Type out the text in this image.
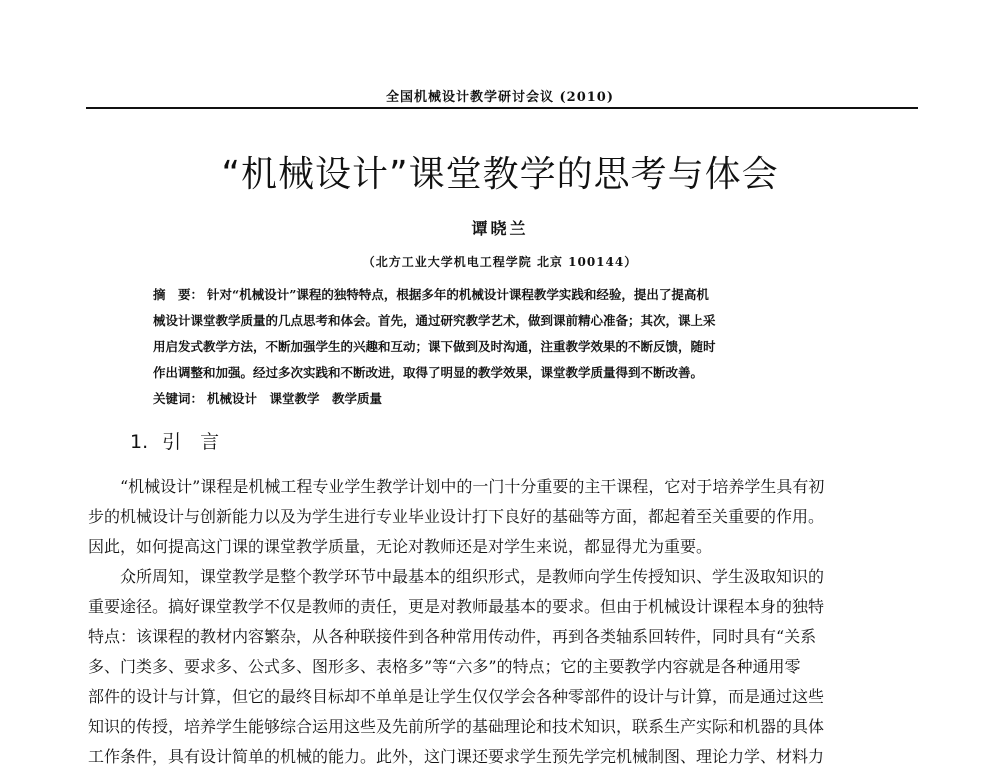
全国机械设计教学研讨会议 (2010)
“机械设计”课堂教学的思考与体会
谭晓兰
（北方工业大学机电工程学院 北京 100144）
摘　要： 针对“机械设计”课程的独特特点，根据多年的机械设计课程教学实践和经验，提出了提高机
械设计课堂教学质量的几点思考和体会。首先，通过研究教学艺术，做到课前精心准备；其次，课上采
用启发式教学方法，不断加强学生的兴趣和互动；课下做到及时沟通，注重教学效果的不断反馈，随时
作出调整和加强。经过多次实践和不断改进，取得了明显的教学效果，课堂教学质量得到不断改善。
关键词： 机械设计　课堂教学　教学质量
1. 引　言
“机械设计”课程是机械工程专业学生教学计划中的一门十分重要的主干课程，它对于培养学生具有初
步的机械设计与创新能力以及为学生进行专业毕业设计打下良好的基础等方面，都起着至关重要的作用。
因此，如何提高这门课的课堂教学质量，无论对教师还是对学生来说，都显得尤为重要。
众所周知，课堂教学是整个教学环节中最基本的组织形式，是教师向学生传授知识、学生汲取知识的
重要途径。搞好课堂教学不仅是教师的责任，更是对教师最基本的要求。但由于机械设计课程本身的独特
特点：该课程的教材内容繁杂，从各种联接件到各种常用传动件，再到各类轴系回转件，同时具有“关系
多、门类多、要求多、公式多、图形多、表格多”等“六多”的特点；它的主要教学内容就是各种通用零
部件的设计与计算，但它的最终目标却不单单是让学生仅仅学会各种零部件的设计与计算，而是通过这些
知识的传授，培养学生能够综合运用这些及先前所学的基础理论和技术知识，联系生产实际和机器的具体
工作条件，具有设计简单的机械的能力。此外，这门课还要求学生预先学完机械制图、理论力学、材料力
